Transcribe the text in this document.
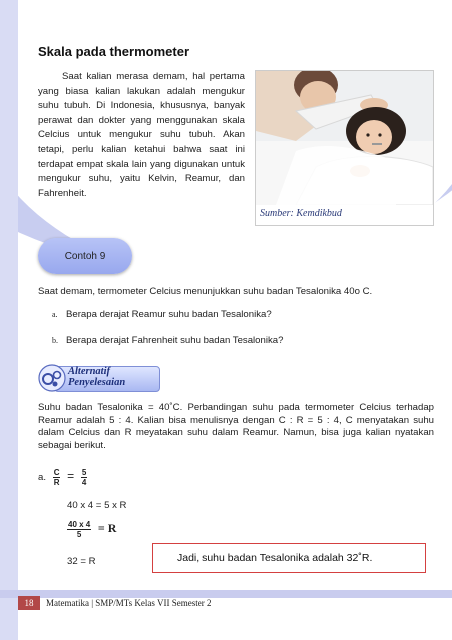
Skala pada thermometer

Saat kalian merasa demam, hal pertama yang biasa kalian lakukan adalah mengukur suhu tubuh. Di Indonesia, khususnya, banyak perawat dan dokter yang menggunakan skala Celcius untuk mengukur suhu tubuh. Akan tetapi, perlu kalian ketahui bahwa saat ini terdapat empat skala lain yang digunakan untuk mengukur suhu, yaitu Kelvin, Reamur, dan Fahrenheit.

Sumber: Kemdikbud
Contoh 9

Saat demam, termometer Celcius menunjukkan suhu badan Tesalonika 40o C.

a. Berapa derajat Reamur suhu badan Tesalonika?
b. Berapa derajat Fahrenheit suhu badan Tesalonika?
Alternatif
Penyelesaian

Suhu badan Tesalonika = 40˚C. Perbandingan suhu pada termometer Celcius terhadap Reamur adalah 5 : 4. Kalian bisa menulisnya dengan C : R = 5 : 4, C menyatakan suhu dalam Celcius dan R meyatakan suhu dalam Reamur. Namun, bisa juga kalian nyatakan sebagai berikut.

a. $\frac{C}{R} = \frac{5}{4}$
40 x 4 = 5 x R
$\frac{40 x 4}{5} = R$
32 = R	Jadi, suhu badan Tesalonika adalah 32˚R.
18	Matematika | SMP/MTs Kelas VII Semester 2
